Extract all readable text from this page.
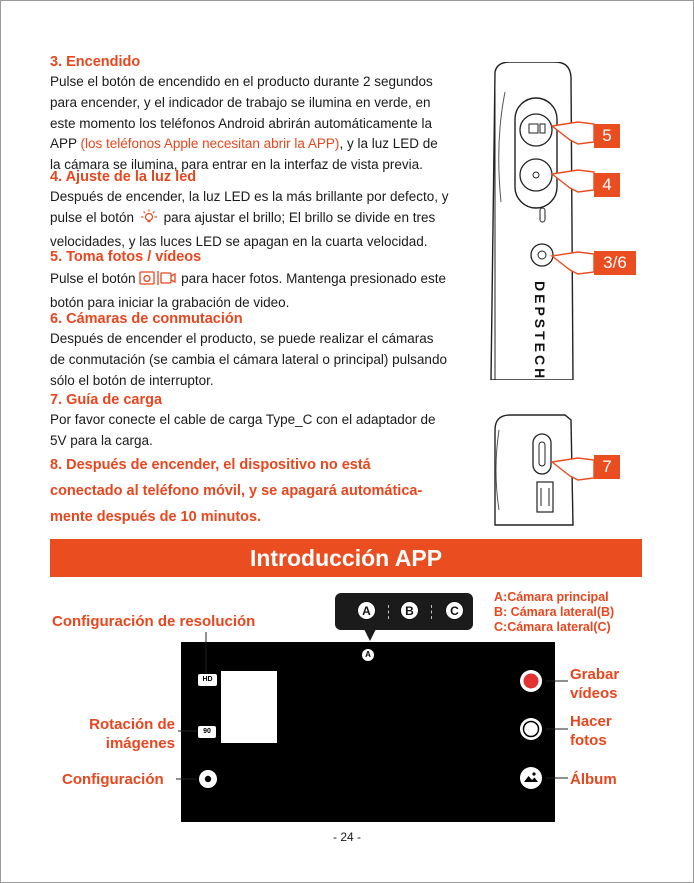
3. Encendido

Pulse el botón de encendido en el producto durante 2 segundos

para encender, y el indicador de trabajo se ilumina en verde, en

este momento los teléfonos Android abrirán automáticamente la

APP (los teléfonos Apple necesitan abrir la APP), y la luz LED de

la cámara se ilumina, para entrar en la interfaz de vista previa.

4. Ajuste de la luz led

Después de encender, la luz LED es la más brillante por defecto, y

pulse el botón  para ajustar el brillo; El brillo se divide en tres

velocidades, y las luces LED se apagan en la cuarta velocidad.

5. Toma fotos / vídeos

Pulse el botón	para hacer fotos. Mantenga presionado este

botón para iniciar la grabación de video.

6. Cámaras de conmutación

Después de encender el producto, se puede realizar el cámaras

de conmutación (se cambia el cámara lateral o principal) pulsando

sólo el botón de interruptor.

7. Guía de carga

Por favor conecte el cable de carga Type_C con el adaptador de

5V para la carga.

8. Después de encender, el dispositivo no está
conectado al teléfono móvil, y se apagará automática-
mente después de 10 minutos.
DEPSTECH
5
4
3/6
7
Introducción APP
A	B	C
A:Cámara principal
B: Cámara lateral(B)
C:Cámara lateral(C)
A
HD
90
Configuración de resolución
Rotación de
imágenes
Configuración
Grabar
vídeos
Hacer
fotos
Álbum
- 24 -
